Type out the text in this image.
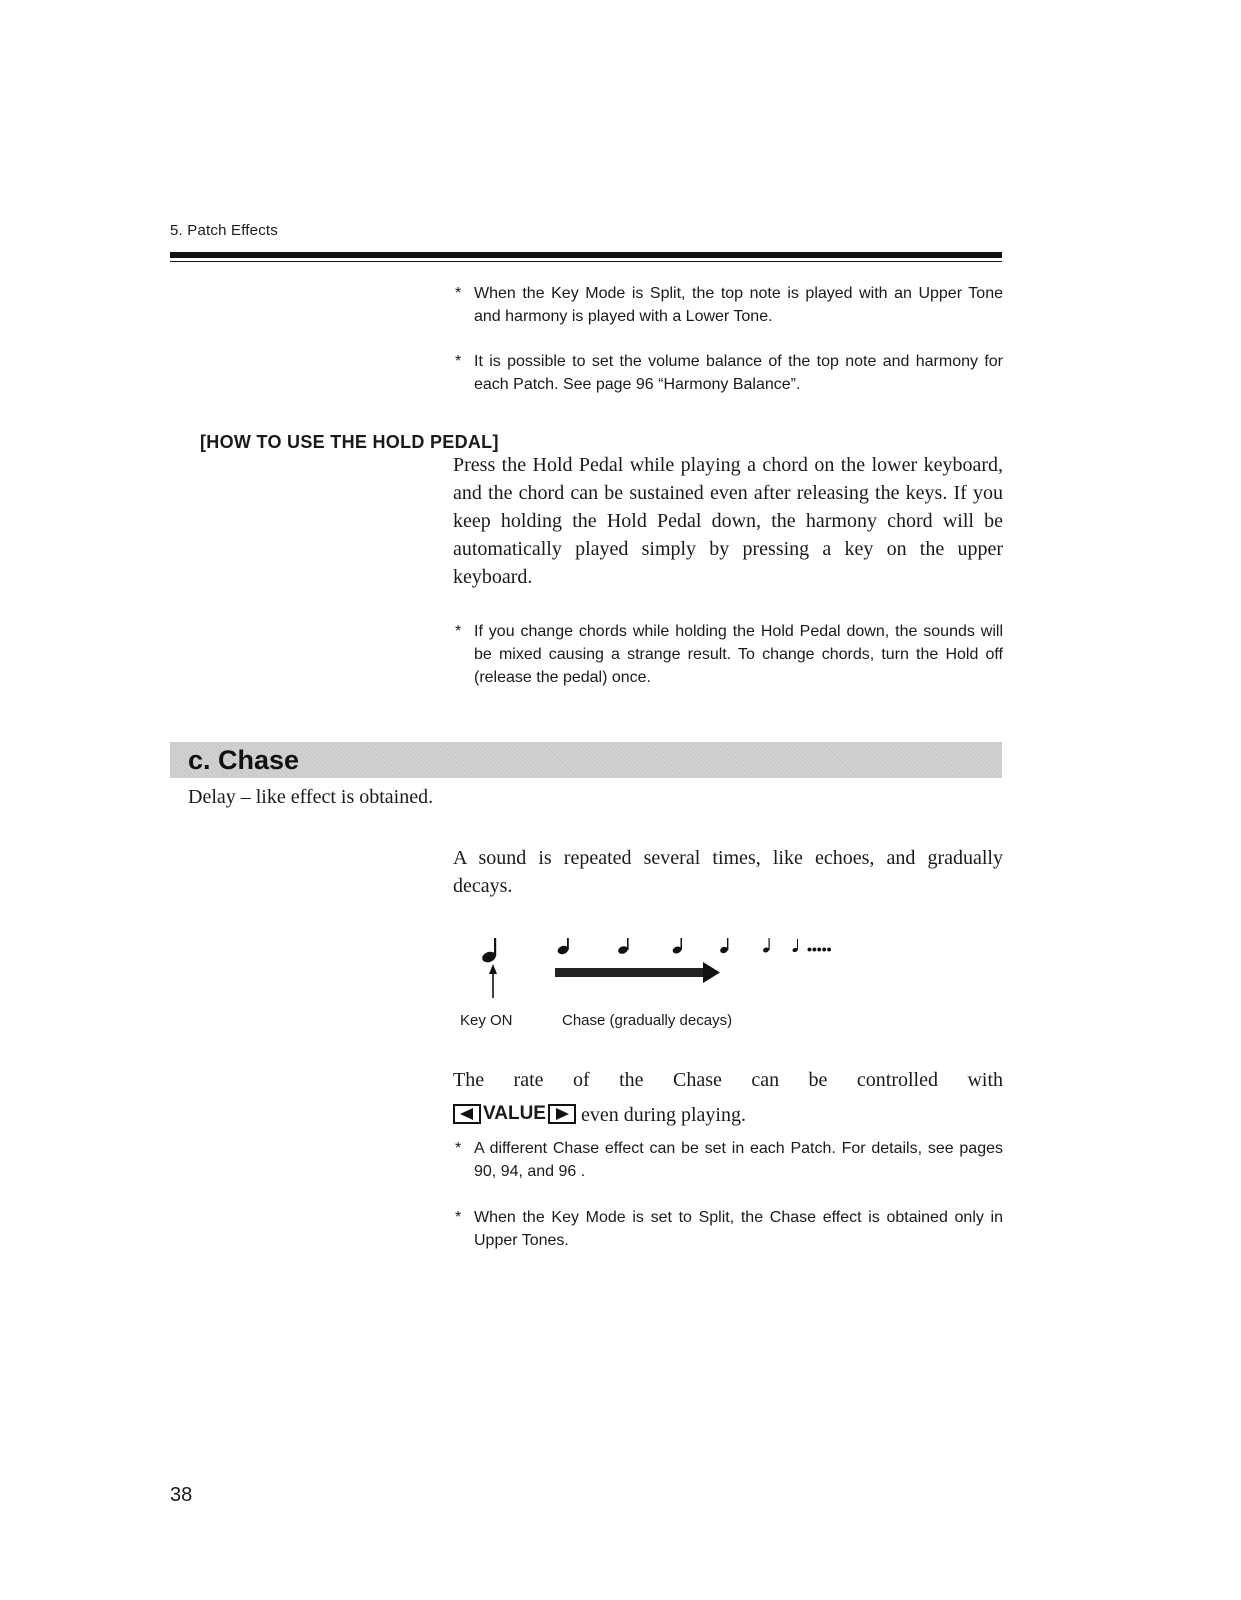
5. Patch Effects
* When the Key Mode is Split, the top note is played with an Upper Tone and harmony is played with a Lower Tone.
* It is possible to set the volume balance of the top note and harmony for each Patch. See page 96 “Harmony Balance”.
[HOW TO USE THE HOLD PEDAL]
Press the Hold Pedal while playing a chord on the lower keyboard, and the chord can be sustained even after releasing the keys. If you keep holding the Hold Pedal down, the harmony chord will be automatically played simply by pressing a key on the upper keyboard.
* If you change chords while holding the Hold Pedal down, the sounds will be mixed causing a strange result. To change chords, turn the Hold off (release the pedal) once.
c. Chase
Delay – like effect is obtained.
A sound is repeated several times, like echoes, and gradually decays.
•••••
Key ON	Chase (gradually decays)
The rate of the Chase can be controlled with
VALUE even during playing.
* A different Chase effect can be set in each Patch. For details, see pages 90, 94, and 96 .
* When the Key Mode is set to Split, the Chase effect is obtained only in Upper Tones.
38
